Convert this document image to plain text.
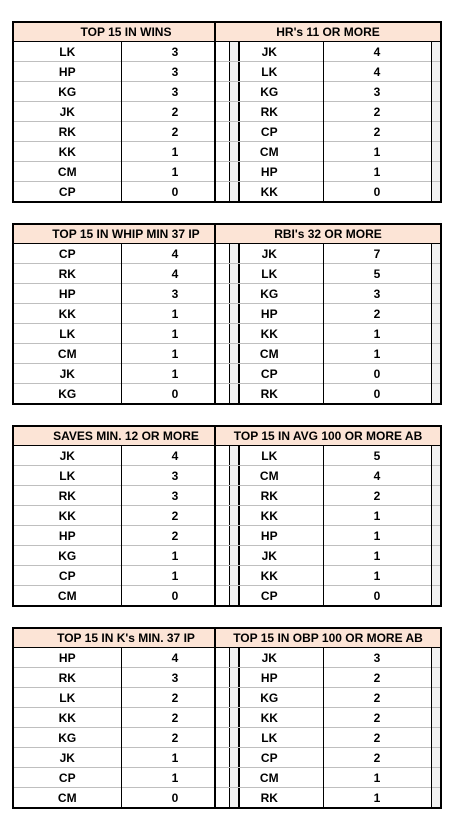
TOP 15 IN WINS		
LK	3	
HP	3	
KG	3	
JK	2	
RK	2	
KK	1	
CM	1	
CP	0	
HR's 11 OR MORE		
JK	4	
LK	4	
KG	3	
RK	2	
CP	2	
CM	1	
HP	1	
KK	0	
TOP 15 IN WHIP MIN 37 IP		
CP	4	
RK	4	
HP	3	
KK	1	
LK	1	
CM	1	
JK	1	
KG	0	
RBI's 32 OR MORE		
JK	7	
LK	5	
KG	3	
HP	2	
KK	1	
CM	1	
CP	0	
RK	0	
SAVES MIN. 12 OR MORE		
JK	4	
LK	3	
RK	3	
KK	2	
HP	2	
KG	1	
CP	1	
CM	0	
TOP 15 IN AVG 100 OR MORE AB		
LK	5	
CM	4	
RK	2	
KK	1	
HP	1	
JK	1	
KK	1	
CP	0	
TOP 15 IN K's MIN. 37 IP		
HP	4	
RK	3	
LK	2	
KK	2	
KG	2	
JK	1	
CP	1	
CM	0	
TOP 15 IN OBP 100 OR MORE AB		
JK	3	
HP	2	
KG	2	
KK	2	
LK	2	
CP	2	
CM	1	
RK	1	
